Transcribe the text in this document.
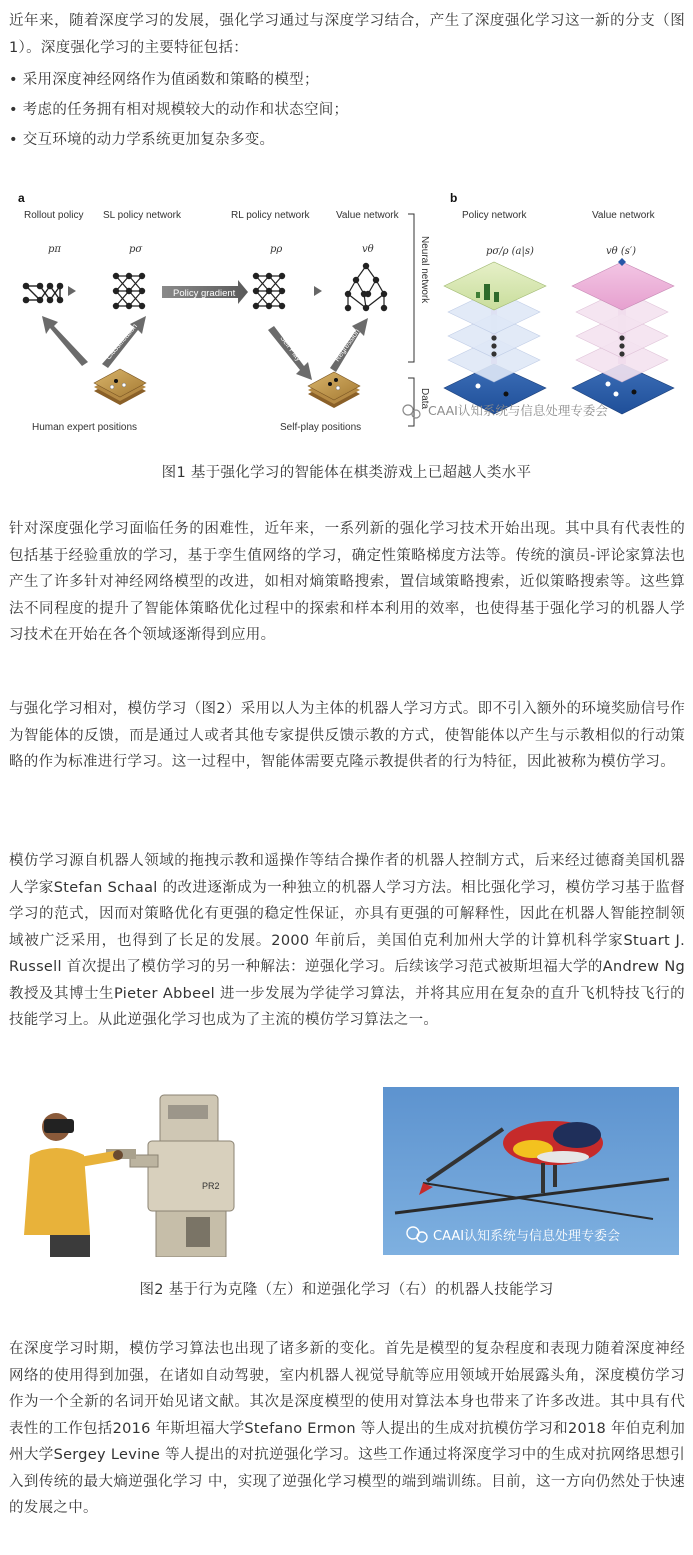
近年来，随着深度学习的发展，强化学习通过与深度学习结合，产生了深度强化学习这一新的分支（图1）。深度强化学习的主要特征包括：

• 采用深度神经网络作为值函数和策略的模型；

• 考虑的任务拥有相对规模较大的动作和状态空间；

• 交互环境的动力学系统更加复杂多变。

a	b
Rollout policy SL policy network	RL policy network	Value network	Policy network	Value network
pπ	pσ	pρ	vθ	pσ/ρ (a|s)	vθ (s′)
Policy gradient
Classification
Classification	Self Play	Regression
Human expert positions	Self-play positions
Neural network
Data
CAAI认知系统与信息处理专委会
图1 基于强化学习的智能体在棋类游戏上已超越人类水平

针对深度强化学习面临任务的困难性，近年来，一系列新的强化学习技术开始出现。其中具有代表性的包括基于经验重放的学习，基于孪生值网络的学习，确定性策略梯度方法等。传统的演员-评论家算法也产生了许多针对神经网络模型的改进，如相对熵策略搜索，置信域策略搜索，近似策略搜索等。这些算法不同程度的提升了智能体策略优化过程中的探索和样本利用的效率，也使得基于强化学习的机器人学习技术在开始在各个领域逐渐得到应用。

与强化学习相对，模仿学习（图2）采用以人为主体的机器人学习方式。即不引入额外的环境奖励信号作为智能体的反馈，而是通过人或者其他专家提供反馈示教的方式，使智能体以产生与示教相似的行动策略的作为标准进行学习。这一过程中，智能体需要克隆示教提供者的行为特征，因此被称为模仿学习。

模仿学习源自机器人领域的拖拽示教和遥操作等结合操作者的机器人控制方式，后来经过德裔美国机器人学家Stefan Schaal 的改进逐渐成为一种独立的机器人学习方法。相比强化学习，模仿学习基于监督学习的范式，因而对策略优化有更强的稳定性保证，亦具有更强的可解释性，因此在机器人智能控制领域被广泛采用，也得到了长足的发展。2000 年前后，美国伯克利加州大学的计算机科学家Stuart J. Russell 首次提出了模仿学习的另一种解法：逆强化学习。后续该学习范式被斯坦福大学的Andrew Ng 教授及其博士生Pieter Abbeel 进一步发展为学徒学习算法，并将其应用在复杂的直升飞机特技飞行的技能学习上。从此逆强化学习也成为了主流的模仿学习算法之一。

PR2
CAAI认知系统与信息处理专委会
图2 基于行为克隆（左）和逆强化学习（右）的机器人技能学习

在深度学习时期，模仿学习算法也出现了诸多新的变化。首先是模型的复杂程度和表现力随着深度神经网络的使用得到加强，在诸如自动驾驶，室内机器人视觉导航等应用领域开始展露头角，深度模仿学习作为一个全新的名词开始见诸文献。其次是深度模型的使用对算法本身也带来了许多改进。其中具有代表性的工作包括2016 年斯坦福大学Stefano Ermon 等人提出的生成对抗模仿学习和2018 年伯克利加州大学Sergey Levine 等人提出的对抗逆强化学习。这些工作通过将深度学习中的生成对抗网络思想引入到传统的最大熵逆强化学习 中，实现了逆强化学习模型的端到端训练。目前，这一方向仍然处于快速的发展之中。
